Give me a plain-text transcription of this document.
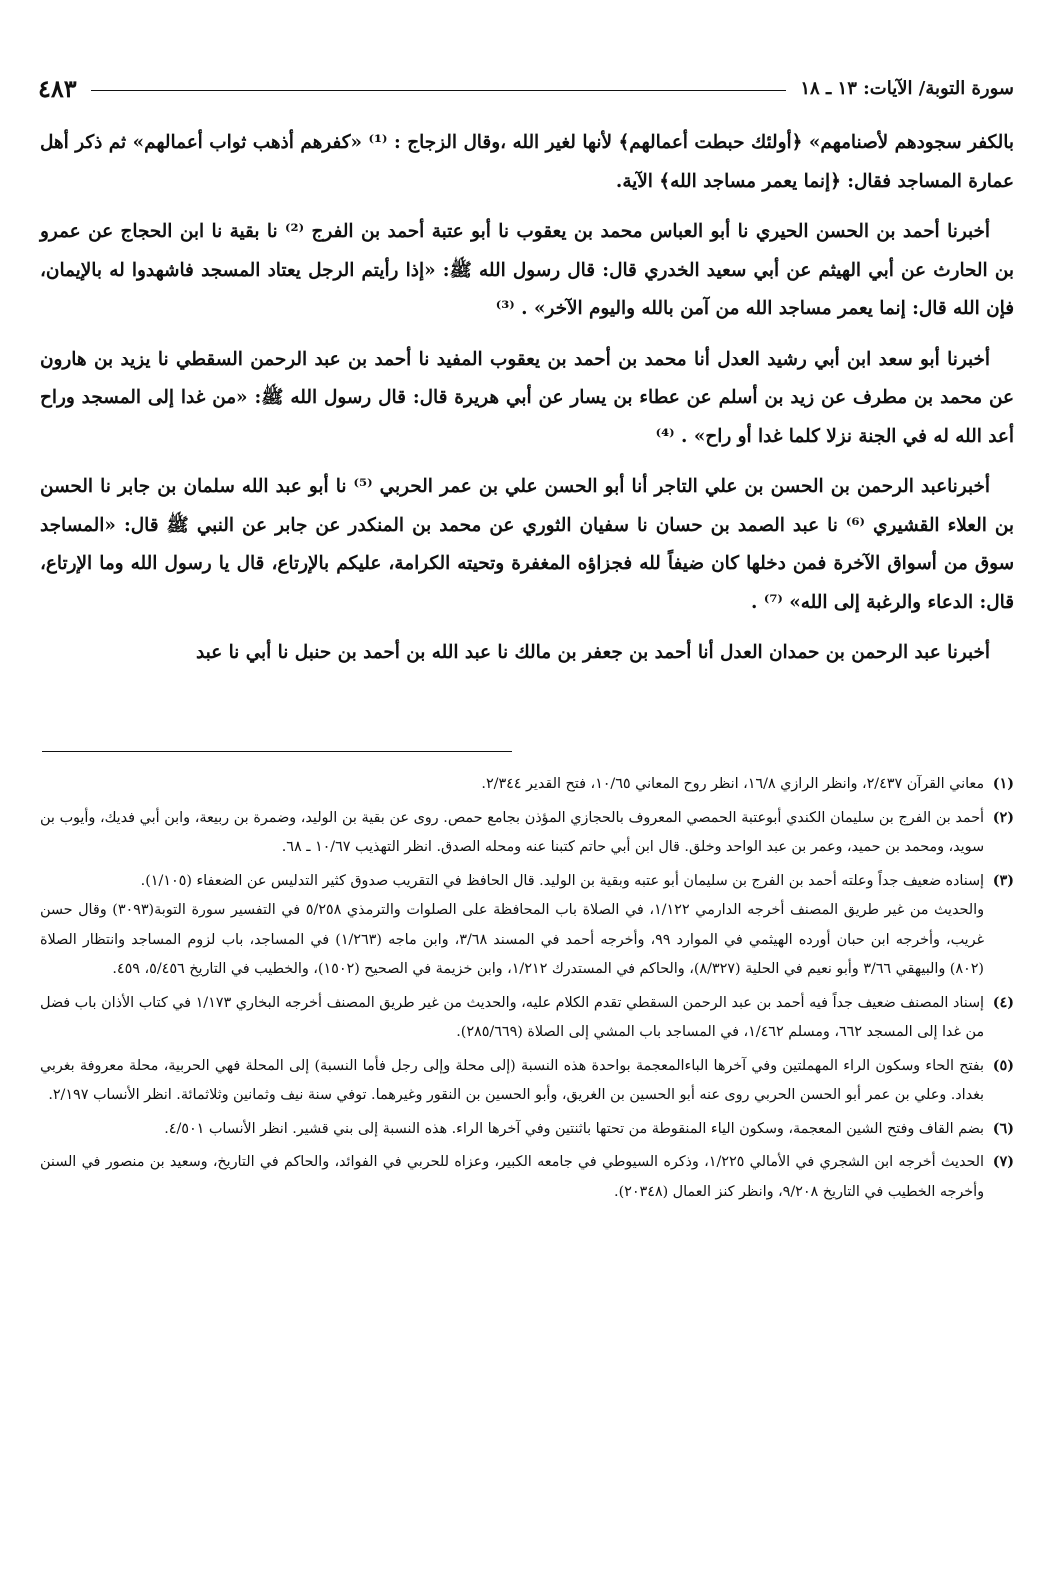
سورة التوبة/ الآيات: ١٣ ـ ١٨
٤٨٣

بالكفر سجودهم لأصنامهم» ﴿أولئك حبطت أعمالهم﴾ لأنها لغير الله ،وقال الزجاج : ⁽¹⁾ «كفرهم أذهب ثواب أعمالهم» ثم ذكر أهل عمارة المساجد فقال: ﴿إنما يعمر مساجد الله﴾ الآية.

أخبرنا أحمد بن الحسن الحيري نا أبو العباس محمد بن يعقوب نا أبو عتبة أحمد بن الفرج ⁽²⁾ نا بقية نا ابن الحجاج عن عمرو بن الحارث عن أبي الهيثم عن أبي سعيد الخدري قال: قال رسول الله ﷺ: «إذا رأيتم الرجل يعتاد المسجد فاشهدوا له بالإيمان، فإن الله قال: إنما يعمر مساجد الله من آمن بالله واليوم الآخر» . ⁽³⁾

أخبرنا أبو سعد ابن أبي رشيد العدل أنا محمد بن أحمد بن يعقوب المفيد نا أحمد بن عبد الرحمن السقطي نا يزيد بن هارون عن محمد بن مطرف عن زيد بن أسلم عن عطاء بن يسار عن أبي هريرة قال: قال رسول الله ﷺ: «من غدا إلى المسجد وراح أعد الله له في الجنة نزلا كلما غدا أو راح» . ⁽⁴⁾

أخبرناعبد الرحمن بن الحسن بن علي التاجر أنا أبو الحسن علي بن عمر الحربي ⁽⁵⁾ نا أبو عبد الله سلمان بن جابر نا الحسن بن العلاء القشيري ⁽⁶⁾ نا عبد الصمد بن حسان نا سفيان الثوري عن محمد بن المنكدر عن جابر عن النبي ﷺ قال: «المساجد سوق من أسواق الآخرة فمن دخلها كان ضيفاً لله فجزاؤه المغفرة وتحيته الكرامة، عليكم بالإرتاع، قال يا رسول الله وما الإرتاع، قال: الدعاء والرغبة إلى الله» ⁽⁷⁾ .

أخبرنا عبد الرحمن بن حمدان العدل أنا أحمد بن جعفر بن مالك نا عبد الله بن أحمد بن حنبل نا أبي نا عبد

(١)

معاني القرآن ٢/٤٣٧، وانظر الرازي ١٦/٨، انظر روح المعاني ١٠/٦٥، فتح القدير ٢/٣٤٤.

(٢)

أحمد بن الفرج بن سليمان الكندي أبوعتبة الحمصي المعروف بالحجازي المؤذن بجامع حمص. روى عن بقية بن الوليد، وضمرة بن ربيعة، وابن أبي فديك، وأيوب بن سويد، ومحمد بن حميد، وعمر بن عبد الواحد وخلق. قال ابن أبي حاتم كتبنا عنه ومحله الصدق. انظر التهذيب ١٠/٦٧ ـ ٦٨.

(٣)

إسناده ضعيف جداً وعلته أحمد بن الفرج بن سليمان أبو عتبه وبقية بن الوليد. قال الحافظ في التقريب صدوق كثير التدليس عن الضعفاء (١/١٠٥).

والحديث من غير طريق المصنف أخرجه الدارمي ١/١٢٢، في الصلاة باب المحافظة على الصلوات والترمذي ٥/٢٥٨ في التفسير سورة التوبة(٣٠٩٣) وقال حسن غريب، وأخرجه ابن حبان أورده الهيثمي في الموارد ٩٩، وأخرجه أحمد في المسند ٣/٦٨، وابن ماجه (١/٢٦٣) في المساجد، باب لزوم المساجد وانتظار الصلاة (٨٠٢) والبيهقي ٣/٦٦ وأبو نعيم في الحلية (٨/٣٢٧)، والحاكم في المستدرك ١/٢١٢، وابن خزيمة في الصحيح (١٥٠٢)، والخطيب في التاريخ ٥/٤٥٦، ٤٥٩.

(٤)

إسناد المصنف ضعيف جداً فيه أحمد بن عبد الرحمن السقطي تقدم الكلام عليه، والحديث من غير طريق المصنف أخرجه البخاري ١/١٧٣ في كتاب الأذان باب فضل من غدا إلى المسجد ٦٦٢، ومسلم ١/٤٦٢، في المساجد باب المشي إلى الصلاة (٢٨٥/٦٦٩).

(٥)

بفتح الحاء وسكون الراء المهملتين وفي آخرها الباءالمعجمة بواحدة هذه النسبة (إلى محلة وإلى رجل فأما النسبة) إلى المحلة فهي الحربية، محلة معروفة بغربي بغداد. وعلي بن عمر أبو الحسن الحربي روى عنه أبو الحسين بن الغريق، وأبو الحسين بن النقور وغيرهما. توفي سنة نيف وثمانين وثلاثمائة. انظر الأنساب ٢/١٩٧.

(٦)

بضم القاف وفتح الشين المعجمة، وسكون الياء المنقوطة من تحتها باثنتين وفي آخرها الراء. هذه النسبة إلى بني قشير. انظر الأنساب ٤/٥٠١.

(٧)

الحديث أخرجه ابن الشجري في الأمالي ١/٢٢٥، وذكره السيوطي في جامعه الكبير، وعزاه للحربي في الفوائد، والحاكم في التاريخ، وسعيد بن منصور في السنن وأخرجه الخطيب في التاريخ ٩/٢٠٨، وانظر كنز العمال (٢٠٣٤٨).
